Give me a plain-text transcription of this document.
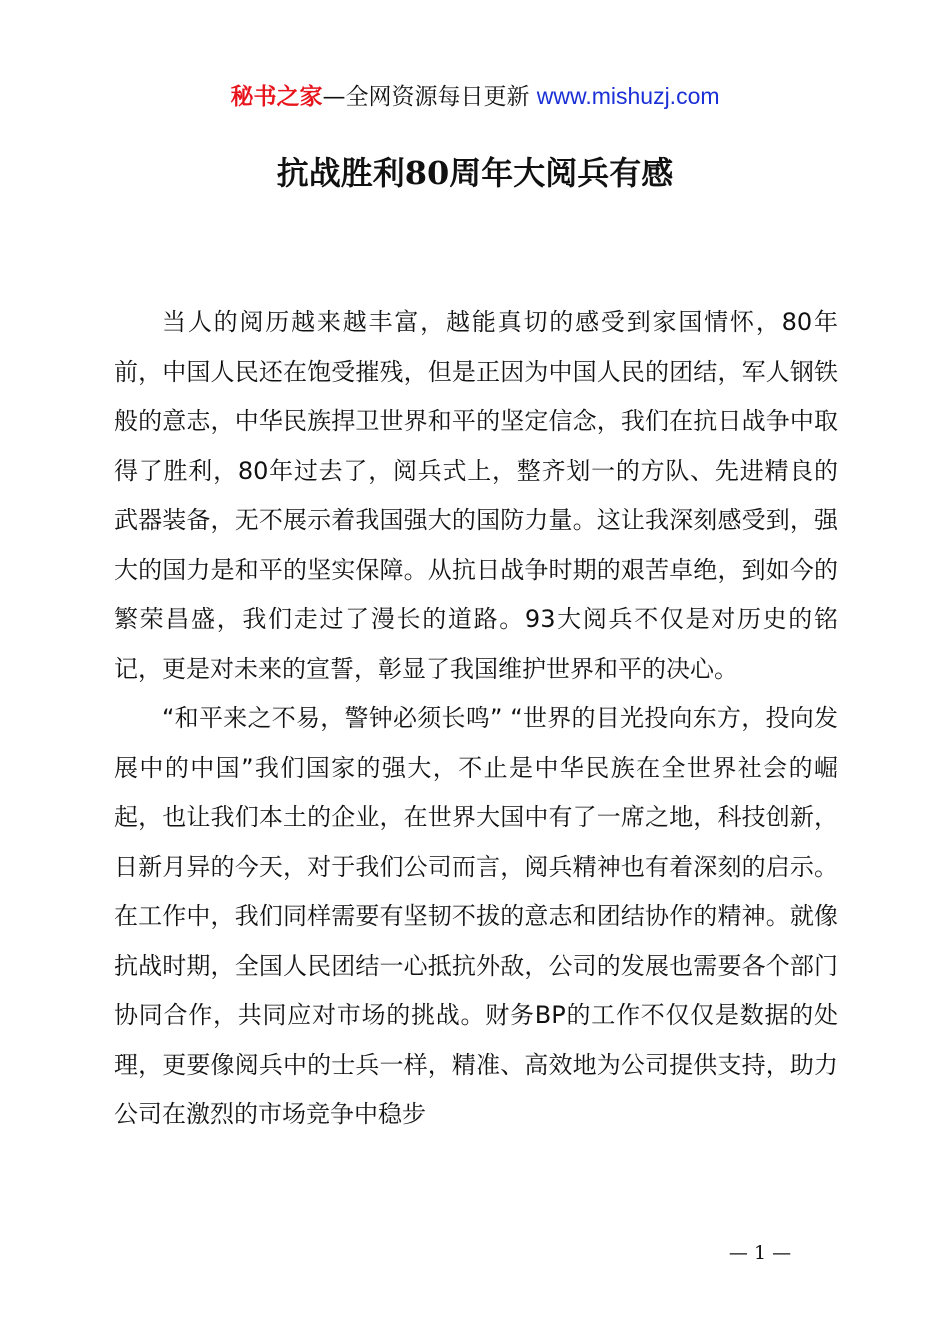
秘书之家—全网资源每日更新 www.mishuzj.com
抗战胜利80周年大阅兵有感

当人的阅历越来越丰富，越能真切的感受到家国情怀，80年前，中国人民还在饱受摧残，但是正因为中国人民的团结，军人钢铁般的意志，中华民族捍卫世界和平的坚定信念，我们在抗日战争中取得了胜利，80年过去了，阅兵式上，整齐划一的方队、先进精良的武器装备，无不展示着我国强大的国防力量。这让我深刻感受到，强大的国力是和平的坚实保障。从抗日战争时期的艰苦卓绝，到如今的繁荣昌盛，我们走过了漫长的道路。93大阅兵不仅是对历史的铭记，更是对未来的宣誓，彰显了我国维护世界和平的决心。

“和平来之不易，警钟必须长鸣” “世界的目光投向东方，投向发展中的中国”我们国家的强大，不止是中华民族在全世界社会的崛起，也让我们本土的企业，在世界大国中有了一席之地，科技创新，日新月异的今天，对于我们公司而言，阅兵精神也有着深刻的启示。在工作中，我们同样需要有坚韧不拔的意志和团结协作的精神。就像抗战时期，全国人民团结一心抵抗外敌，公司的发展也需要各个部门协同合作，共同应对市场的挑战。财务BP的工作不仅仅是数据的处理，更要像阅兵中的士兵一样，精准、高效地为公司提供支持，助力公司在激烈的市场竞争中稳步

— 1 —
